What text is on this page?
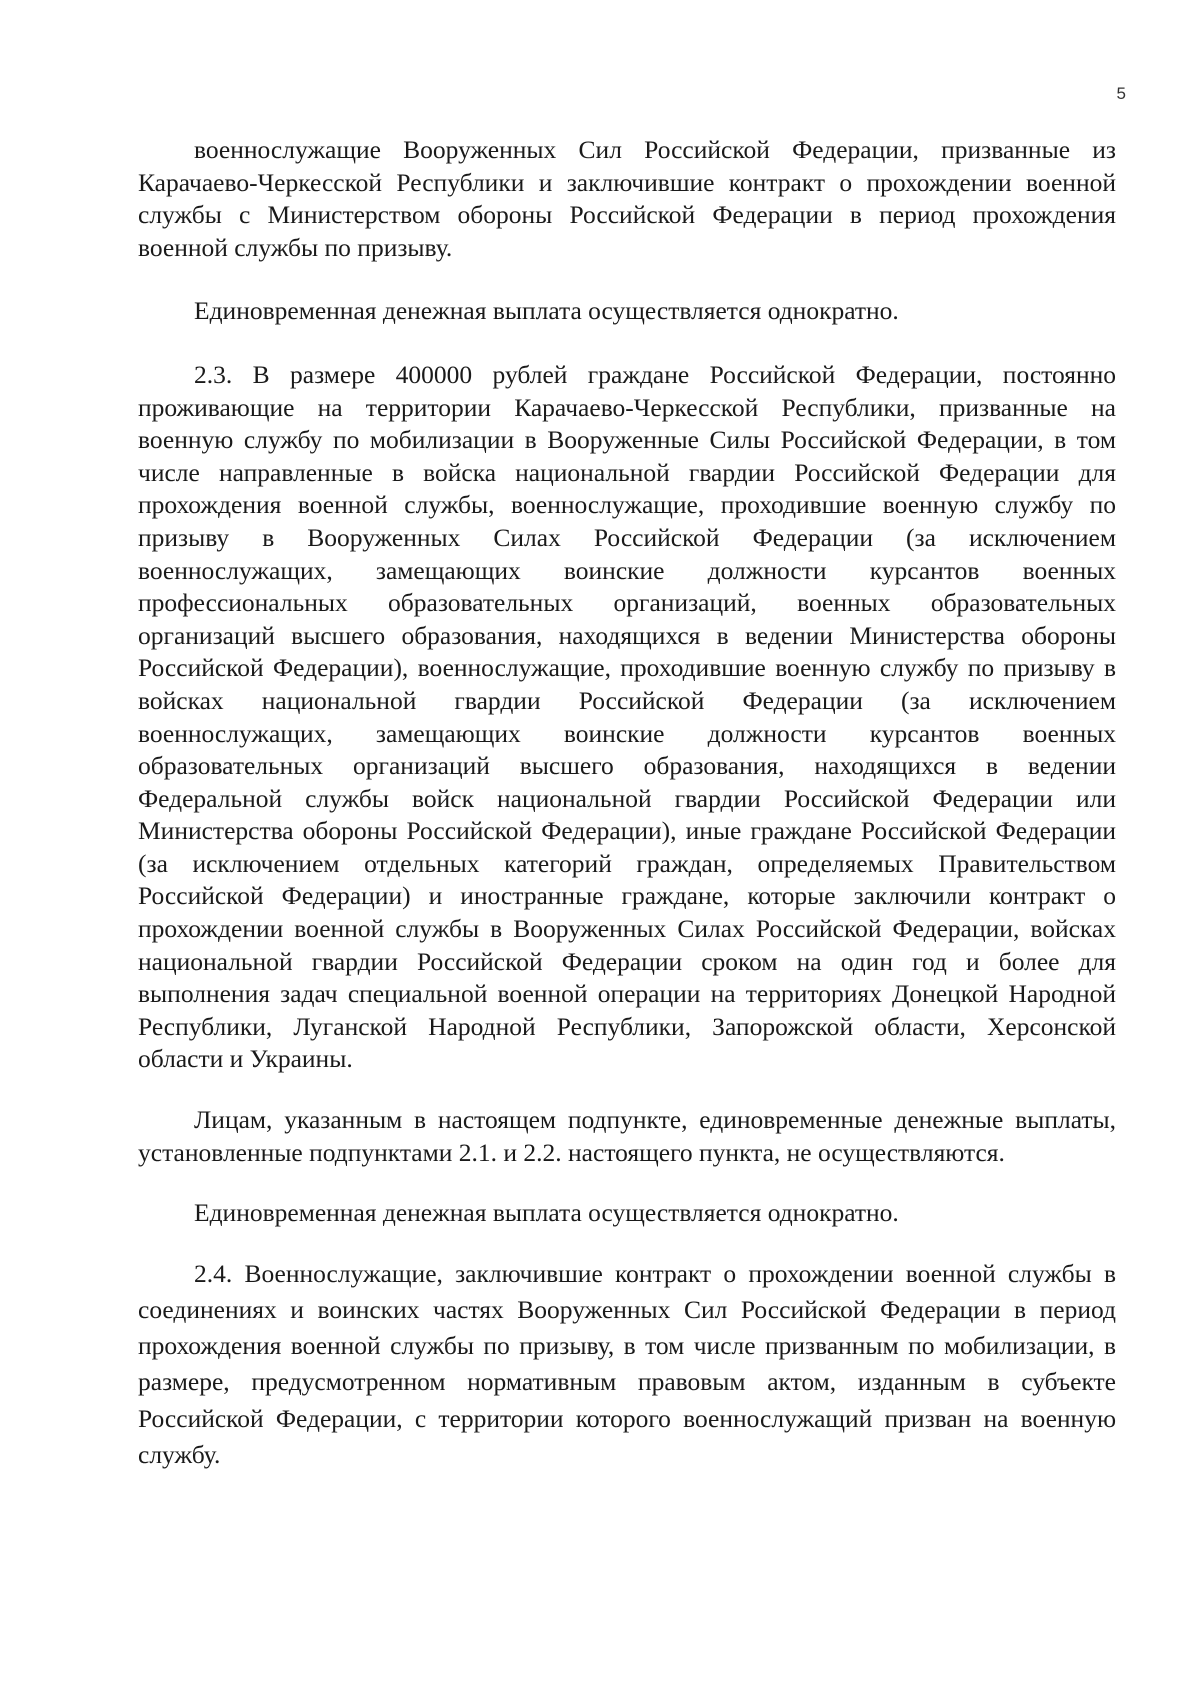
5

военнослужащие Вооруженных Сил Российской Федерации, призванные из Карачаево-Черкесской Республики и заключившие контракт о прохождении военной службы с Министерством обороны Российской Федерации в период прохождения военной службы по призыву.

Единовременная денежная выплата осуществляется однократно.

2.3. В размере 400000 рублей граждане Российской Федерации, постоянно проживающие на территории Карачаево-Черкесской Республики, призванные на военную службу по мобилизации в Вооруженные Силы Российской Федерации, в том числе направленные в войска национальной гвардии Российской Федерации для прохождения военной службы, военнослужащие, проходившие военную службу по призыву в Вооруженных Силах Российской Федерации (за исключением военнослужащих, замещающих воинские должности курсантов военных профессиональных образовательных организаций, военных образовательных организаций высшего образования, находящихся в ведении Министерства обороны Российской Федерации), военнослужащие, проходившие военную службу по призыву в войсках национальной гвардии Российской Федерации (за исключением военнослужащих, замещающих воинские должности курсантов военных образовательных организаций высшего образования, находящихся в ведении Федеральной службы войск национальной гвардии Российской Федерации или Министерства обороны Российской Федерации), иные граждане Российской Федерации (за исключением отдельных категорий граждан, определяемых Правительством Российской Федерации) и иностранные граждане, которые заключили контракт о прохождении военной службы в Вооруженных Силах Российской Федерации, войсках национальной гвардии Российской Федерации сроком на один год и более для выполнения задач специальной военной операции на территориях Донецкой Народной Республики, Луганской Народной Республики, Запорожской области, Херсонской области и Украины.

Лицам, указанным в настоящем подпункте, единовременные денежные выплаты, установленные подпунктами 2.1. и 2.2. настоящего пункта, не осуществляются.

Единовременная денежная выплата осуществляется однократно.

2.4. Военнослужащие, заключившие контракт о прохождении военной службы в соединениях и воинских частях Вооруженных Сил Российской Федерации в период прохождения военной службы по призыву, в том числе призванным по мобилизации, в размере, предусмотренном нормативным правовым актом, изданным в субъекте Российской Федерации, с территории которого военнослужащий призван на военную службу.
